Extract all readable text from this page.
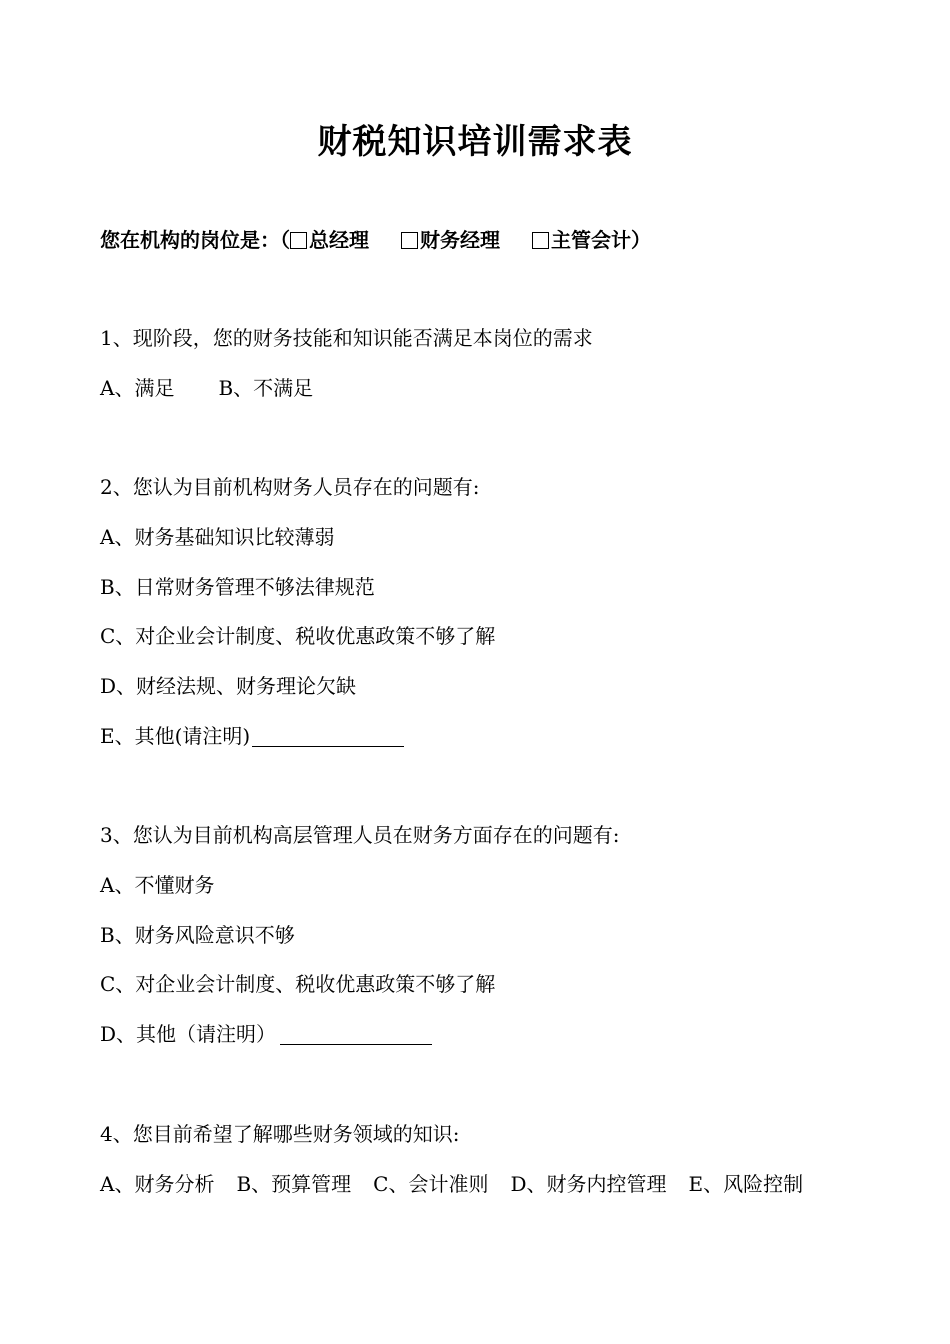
财税知识培训需求表
您在机构的岗位是：（ 总经理	财务经理	主管会计）
1、现阶段，您的财务技能和知识能否满足本岗位的需求
A、满足 B、不满足
2、您认为目前机构财务人员存在的问题有:
A、财务基础知识比较薄弱
B、日常财务管理不够法律规范
C、对企业会计制度、税收优惠政策不够了解
D、财经法规、财务理论欠缺
E、其他(请注明)
3、您认为目前机构高层管理人员在财务方面存在的问题有:
A、不懂财务
B、财务风险意识不够
C、对企业会计制度、税收优惠政策不够了解
D、其他（请注明）
4、您目前希望了解哪些财务领域的知识:
A、财务分析 B、预算管理 C、会计准则 D、财务内控管理 E、风险控制
